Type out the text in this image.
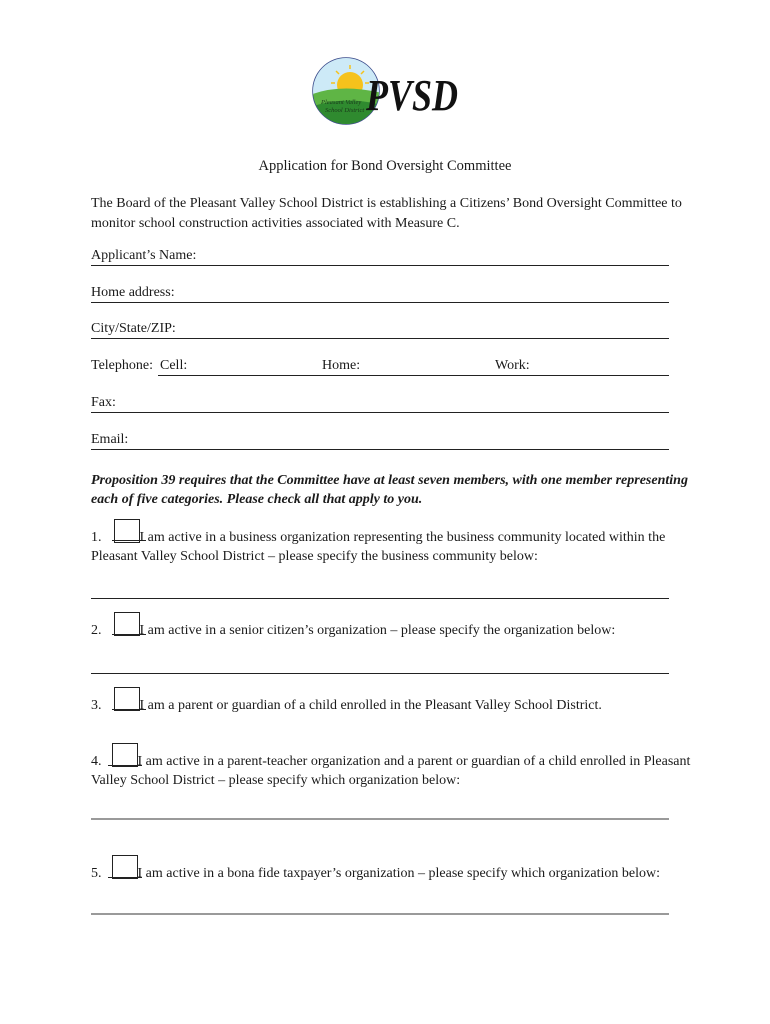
Pleasant Valley
School District PVSD
Application for Bond Oversight Committee
The Board of the Pleasant Valley School District is establishing a Citizens’ Bond Oversight Committee to monitor school construction activities associated with Measure C.
Applicant’s Name:
Home address:
City/State/ZIP:
Telephone: Cell:	Home:	Work:
Fax:
Email:
Proposition 39 requires that the Committee have at least seven members, with one member representing each of five categories. Please check all that apply to you.
1.	I am active in a business organization representing the business community located within the Pleasant Valley School District – please specify the business community below:
2.	I am active in a senior citizen’s organization – please specify the organization below:
3.	I am a parent or guardian of a child enrolled in the Pleasant Valley School District.
4.	I am active in a parent-teacher organization and a parent or guardian of a child enrolled in Pleasant Valley School District – please specify which organization below:
5.	I am active in a bona fide taxpayer’s organization – please specify which organization below:
